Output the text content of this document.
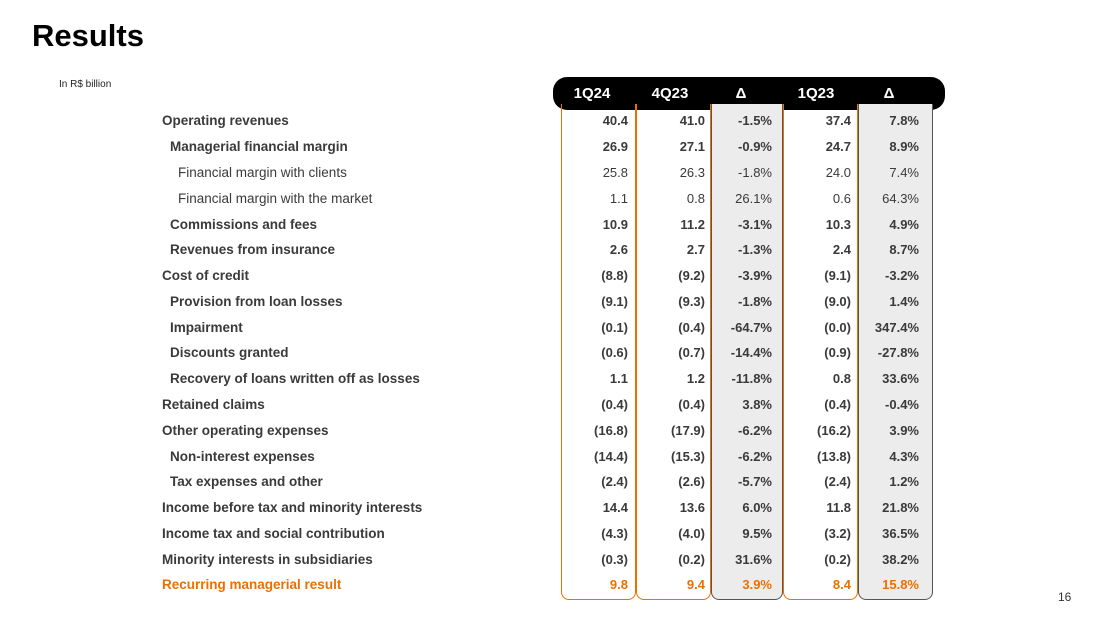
Results
In R$ billion
16
1Q24	4Q23	Δ	1Q23	Δ
Operating revenues	40.4	41.0	-1.5%	37.4	7.8%
Managerial financial margin	26.9	27.1	-0.9%	24.7	8.9%
Financial margin with clients	25.8	26.3	-1.8%	24.0	7.4%
Financial margin with the market	1.1	0.8 26.1%	0.6 64.3%
Commissions and fees	10.9	11.2	-3.1%	10.3	4.9%
Revenues from insurance	2.6	2.7	-1.3%	2.4	8.7%
Cost of credit	(8.8)	(9.2)	-3.9%	(9.1)	-3.2%
Provision from loan losses	(9.1)	(9.3)	-1.8%	(9.0)	1.4%
Impairment	(0.1)	(0.4) -64.7%	(0.0) 347.4%
Discounts granted	(0.6)	(0.7) -14.4%	(0.9) -27.8%
Recovery of loans written off as losses	1.1	1.2 -11.8%	0.8 33.6%
Retained claims	(0.4)	(0.4)	3.8%	(0.4)	-0.4%
Other operating expenses	(16.8)	(17.9)	-6.2%	(16.2)	3.9%
Non-interest expenses	(14.4)	(15.3)	-6.2%	(13.8)	4.3%
Tax expenses and other	(2.4)	(2.6)	-5.7%	(2.4)	1.2%
Income before tax and minority interests	14.4	13.6	6.0%	11.8 21.8%
Income tax and social contribution	(4.3)	(4.0)	9.5%	(3.2) 36.5%
Minority interests in subsidiaries	(0.3)	(0.2) 31.6%	(0.2) 38.2%
Recurring managerial result	9.8	9.4	3.9%	8.4 15.8%
